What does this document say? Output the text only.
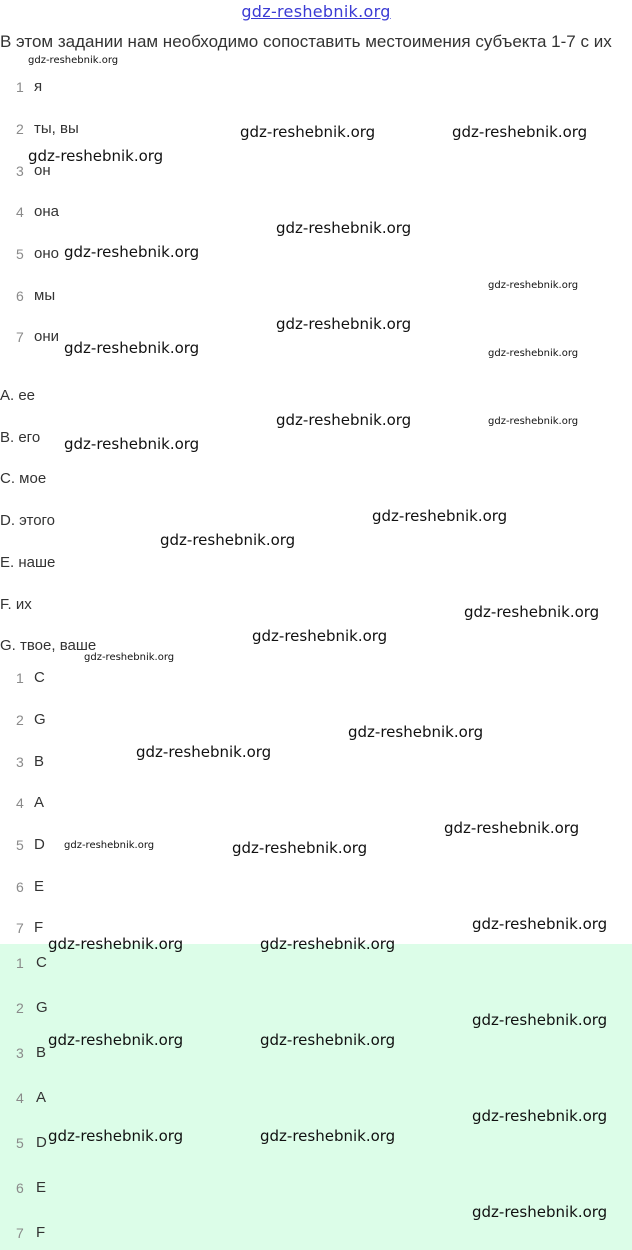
gdz-reshebnik.org
В этом задании нам необходимо сопоставить местоимения субъекта 1-7 с их
1 я
2 ты, вы
3 он
4 она
5 оно
6 мы
7 они
A. ее
B. его
C. мое
D. этого
E. наше
F. их
G. твое, ваше
1 C
2 G
3 B
4 A
5 D
6 E
7 F
1 C
2 G
3 B
4 A
5 D
6 E
7 F
gdz-reshebnik.org
gdz-reshebnik.org	gdz-reshebnik.org
gdz-reshebnik.org
gdz-reshebnik.org
gdz-reshebnik.org
gdz-reshebnik.org
gdz-reshebnik.org
gdz-reshebnik.org	gdz-reshebnik.org
gdz-reshebnik.org	gdz-reshebnik.org
gdz-reshebnik.org
gdz-reshebnik.org
gdz-reshebnik.org
gdz-reshebnik.org
gdz-reshebnik.org
gdz-reshebnik.org
gdz-reshebnik.org
gdz-reshebnik.org
gdz-reshebnik.org
gdz-reshebnik.org	gdz-reshebnik.org
gdz-reshebnik.org
gdz-reshebnik.org	gdz-reshebnik.org
gdz-reshebnik.org
gdz-reshebnik.org	gdz-reshebnik.org
gdz-reshebnik.org
gdz-reshebnik.org	gdz-reshebnik.org
gdz-reshebnik.org
